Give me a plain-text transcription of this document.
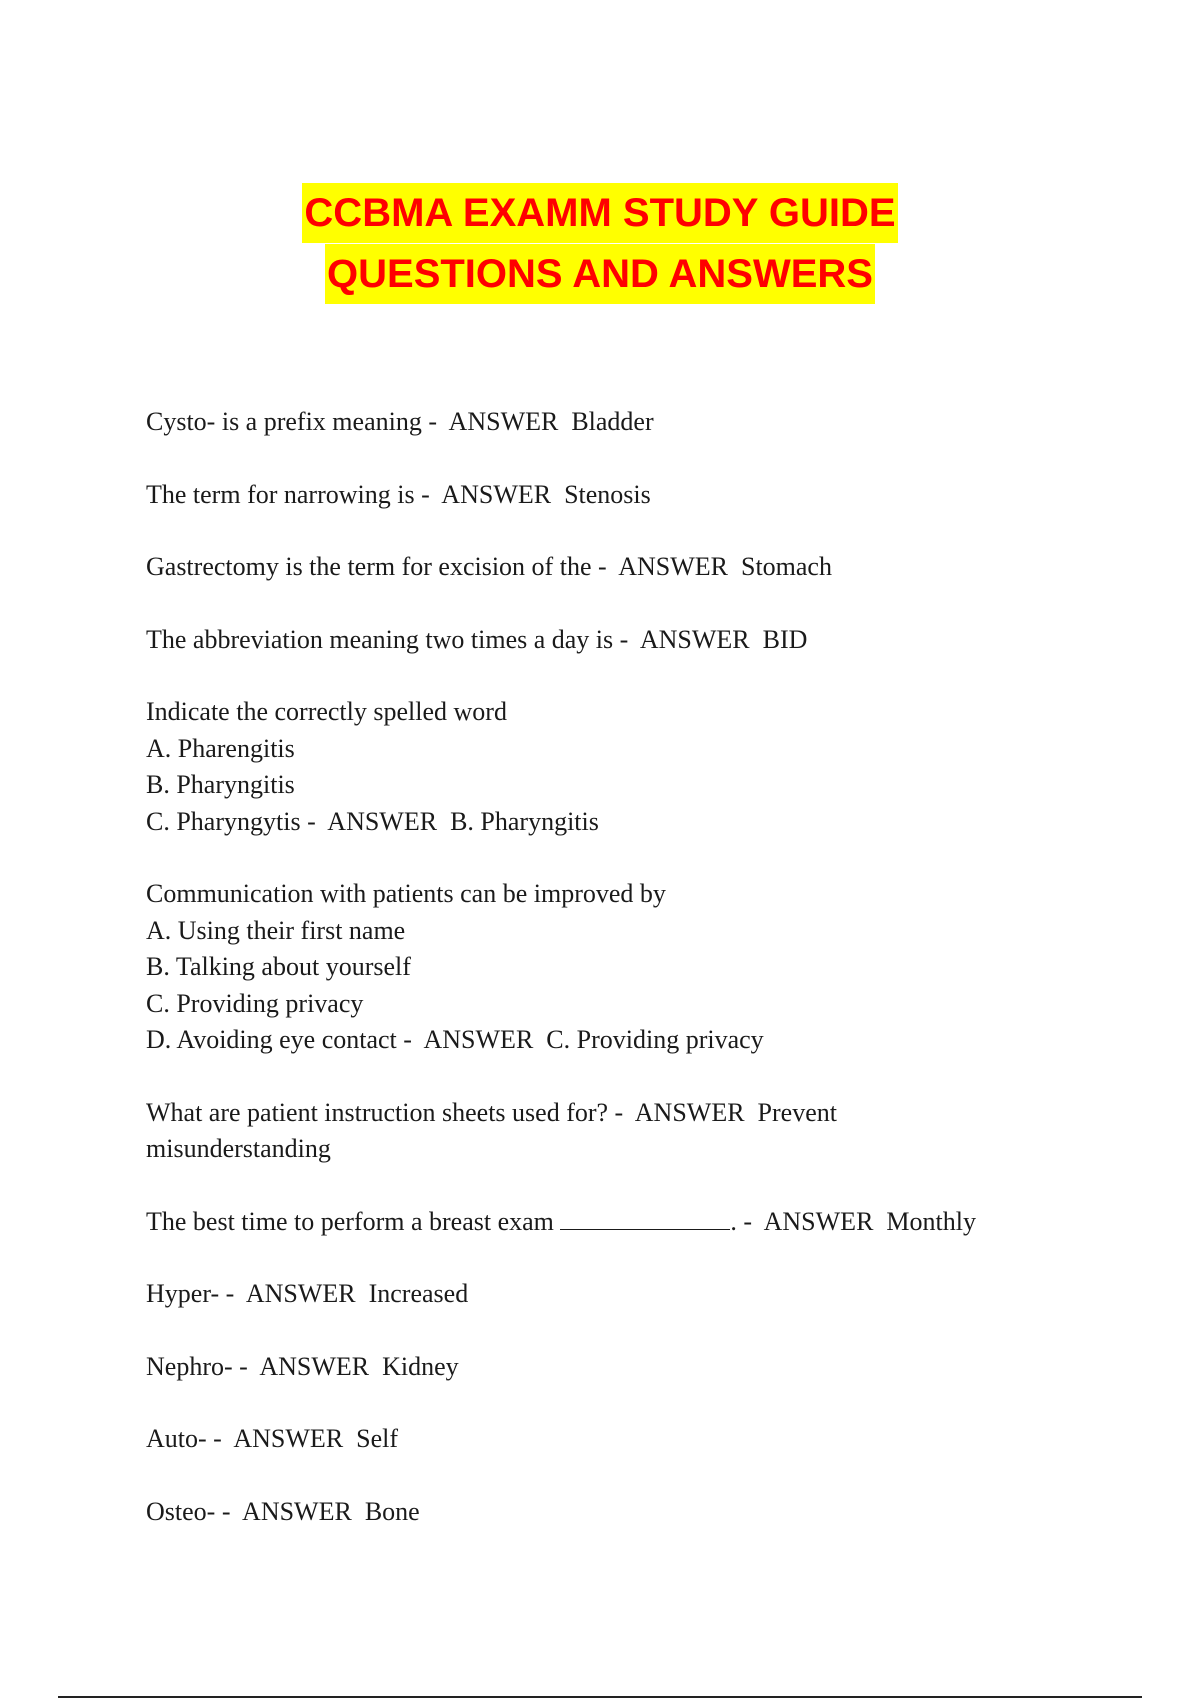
CCBMA EXAMM STUDY GUIDE
QUESTIONS AND ANSWERS
Cysto- is a prefix meaning -  ANSWER  Bladder
The term for narrowing is -  ANSWER  Stenosis
Gastrectomy is the term for excision of the -  ANSWER  Stomach
The abbreviation meaning two times a day is -  ANSWER  BID
Indicate the correctly spelled word
A. Pharengitis
B. Pharyngitis
C. Pharyngytis -  ANSWER  B. Pharyngitis
Communication with patients can be improved by
A. Using their first name
B. Talking about yourself
C. Providing privacy
D. Avoiding eye contact -  ANSWER  C. Providing privacy
What are patient instruction sheets used for? -  ANSWER  Prevent
misunderstanding
The best time to perform a breast exam	. -  ANSWER  Monthly
Hyper- -  ANSWER  Increased
Nephro- -  ANSWER  Kidney
Auto- -  ANSWER  Self
Osteo- -  ANSWER  Bone
